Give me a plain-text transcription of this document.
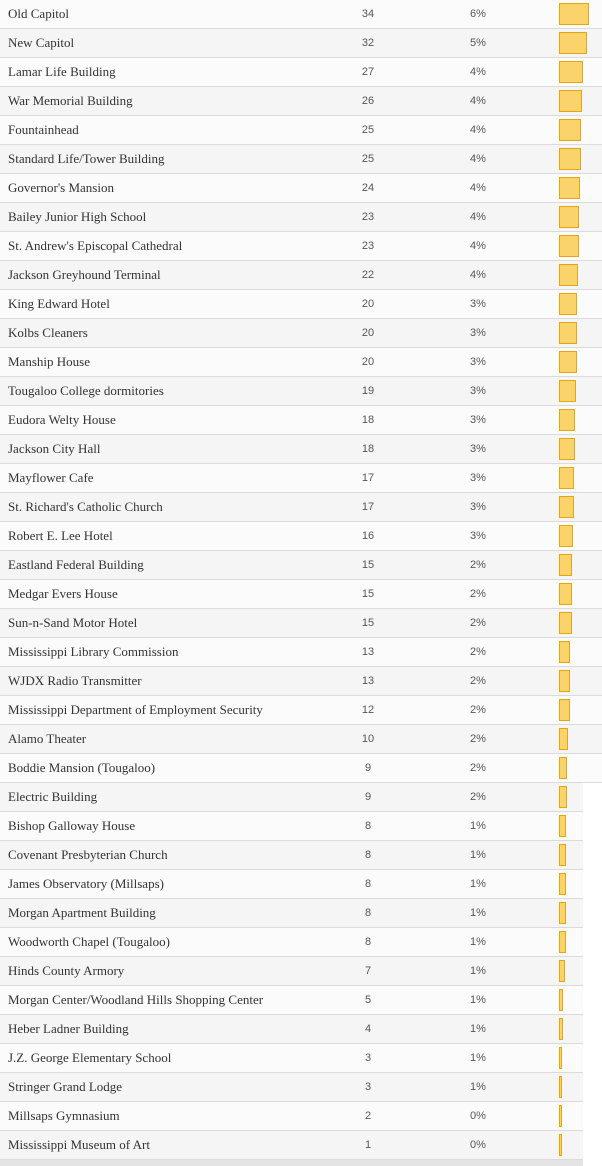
Old Capitol	34	6%
New Capitol	32	5%
Lamar Life Building	27	4%
War Memorial Building	26	4%
Fountainhead	25	4%
Standard Life/Tower Building	25	4%
Governor's Mansion	24	4%
Bailey Junior High School	23	4%
St. Andrew's Episcopal Cathedral	23	4%
Jackson Greyhound Terminal	22	4%
King Edward Hotel	20	3%
Kolbs Cleaners	20	3%
Manship House	20	3%
Tougaloo College dormitories	19	3%
Eudora Welty House	18	3%
Jackson City Hall	18	3%
Mayflower Cafe	17	3%
St. Richard's Catholic Church	17	3%
Robert E. Lee Hotel	16	3%
Eastland Federal Building	15	2%
Medgar Evers House	15	2%
Sun-n-Sand Motor Hotel	15	2%
Mississippi Library Commission	13	2%
WJDX Radio Transmitter	13	2%
Mississippi Department of Employment Security	12	2%
Alamo Theater	10	2%
Boddie Mansion (Tougaloo)	9	2%
Electric Building	9	2%
Bishop Galloway House	8	1%
Covenant Presbyterian Church	8	1%
James Observatory (Millsaps)	8	1%
Morgan Apartment Building	8	1%
Woodworth Chapel (Tougaloo)	8	1%
Hinds County Armory	7	1%
Morgan Center/Woodland Hills Shopping Center	5	1%
Heber Ladner Building	4	1%
J.Z. George Elementary School	3	1%
Stringer Grand Lodge	3	1%
Millsaps Gymnasium	2	0%
Mississippi Museum of Art	1	0%
